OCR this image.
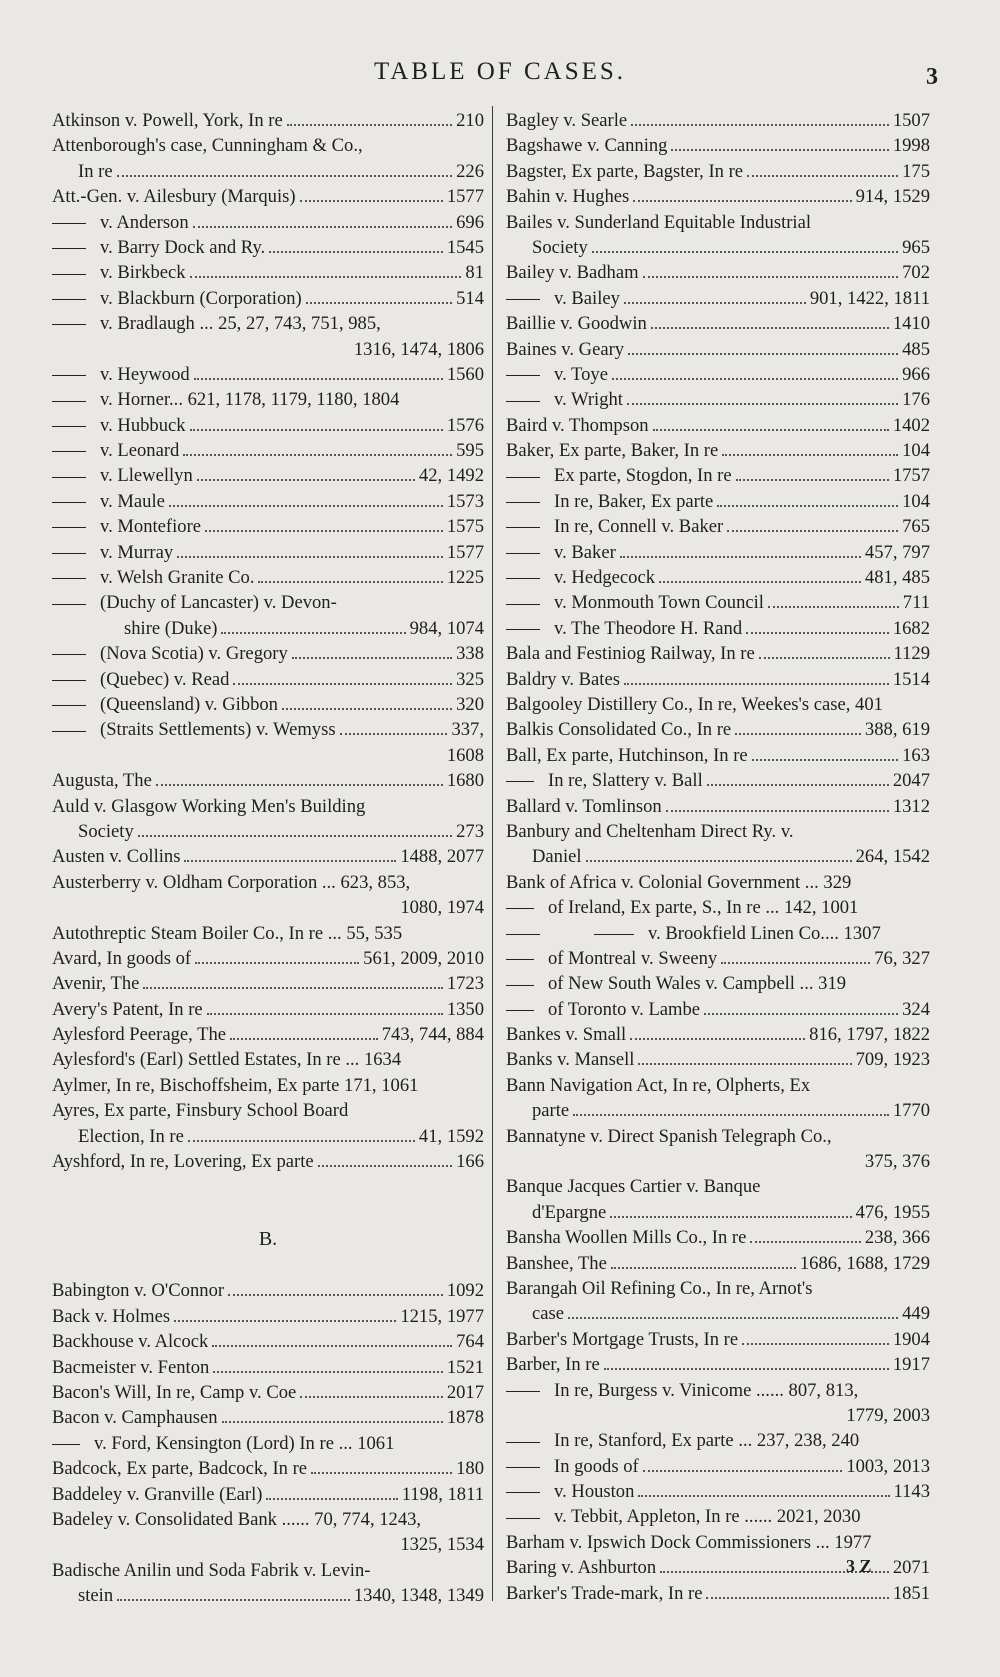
TABLE OF CASES.	3
Atkinson v. Powell, York, In re	210
Attenborough's case, Cunningham & Co.,
In re	226
Att.-Gen. v. Ailesbury (Marquis)	1577
v. Anderson	696
v. Barry Dock and Ry.	1545
v. Birkbeck	81
v. Blackburn (Corporation)	514
v. Bradlaugh ... 25, 27, 743, 751, 985,
1316, 1474, 1806
v. Heywood	1560
v. Horner... 621, 1178, 1179, 1180, 1804
v. Hubbuck	1576
v. Leonard	595
v. Llewellyn	42, 1492
v. Maule	1573
v. Montefiore	1575
v. Murray	1577
v. Welsh Granite Co.	1225
(Duchy of Lancaster) v. Devon-
shire (Duke)	984, 1074
(Nova Scotia) v. Gregory	338
(Quebec) v. Read	325
(Queensland) v. Gibbon	320
(Straits Settlements) v. Wemyss	337,
1608
Augusta, The	1680
Auld v. Glasgow Working Men's Building
Society	273
Austen v. Collins	1488, 2077
Austerberry v. Oldham Corporation ... 623, 853,
1080, 1974
Autothreptic Steam Boiler Co., In re ... 55, 535
Avard, In goods of	561, 2009, 2010
Avenir, The	1723
Avery's Patent, In re	1350
Aylesford Peerage, The	743, 744, 884
Aylesford's (Earl) Settled Estates, In re ... 1634
Aylmer, In re, Bischoffsheim, Ex parte 171, 1061
Ayres, Ex parte, Finsbury School Board
Election, In re	41, 1592
Ayshford, In re, Lovering, Ex parte	166
B.
Babington v. O'Connor	1092
Back v. Holmes	1215, 1977
Backhouse v. Alcock	764
Bacmeister v. Fenton	1521
Bacon's Will, In re, Camp v. Coe	2017
Bacon v. Camphausen	1878
v. Ford, Kensington (Lord) In re ... 1061
Badcock, Ex parte, Badcock, In re	180
Baddeley v. Granville (Earl)	1198, 1811
Badeley v. Consolidated Bank ...... 70, 774, 1243,
1325, 1534
Badische Anilin und Soda Fabrik v. Levin-
stein	1340, 1348, 1349
Bagley v. Searle	1507
Bagshawe v. Canning	1998
Bagster, Ex parte, Bagster, In re	175
Bahin v. Hughes	914, 1529
Bailes v. Sunderland Equitable Industrial
Society	965
Bailey v. Badham	702
v. Bailey	901, 1422, 1811
Baillie v. Goodwin	1410
Baines v. Geary	485
v. Toye	966
v. Wright	176
Baird v. Thompson	1402
Baker, Ex parte, Baker, In re	104
Ex parte, Stogdon, In re	1757
In re, Baker, Ex parte	104
In re, Connell v. Baker	765
v. Baker	457, 797
v. Hedgecock	481, 485
v. Monmouth Town Council	711
v. The Theodore H. Rand	1682
Bala and Festiniog Railway, In re	1129
Baldry v. Bates	1514
Balgooley Distillery Co., In re, Weekes's case, 401
Balkis Consolidated Co., In re	388, 619
Ball, Ex parte, Hutchinson, In re	163
In re, Slattery v. Ball	2047
Ballard v. Tomlinson	1312
Banbury and Cheltenham Direct Ry. v.
Daniel	264, 1542
Bank of Africa v. Colonial Government ... 329
of Ireland, Ex parte, S., In re ... 142, 1001
v. Brookfield Linen Co.... 1307
of Montreal v. Sweeny	76, 327
of New South Wales v. Campbell ... 319
of Toronto v. Lambe	324
Bankes v. Small	816, 1797, 1822
Banks v. Mansell	709, 1923
Bann Navigation Act, In re, Olpherts, Ex
parte	1770
Bannatyne v. Direct Spanish Telegraph Co.,
375, 376
Banque Jacques Cartier v. Banque
d'Epargne	476, 1955
Bansha Woollen Mills Co., In re	238, 366
Banshee, The	1686, 1688, 1729
Barangah Oil Refining Co., In re, Arnot's
case	449
Barber's Mortgage Trusts, In re	1904
Barber, In re	1917
In re, Burgess v. Vinicome ...... 807, 813,
1779, 2003
In re, Stanford, Ex parte ... 237, 238, 240
In goods of	1003, 2013
v. Houston	1143
v. Tebbit, Appleton, In re ...... 2021, 2030
Barham v. Ipswich Dock Commissioners ... 1977
Baring v. Ashburton	2071
Barker's Trade-mark, In re	1851
3 Z
